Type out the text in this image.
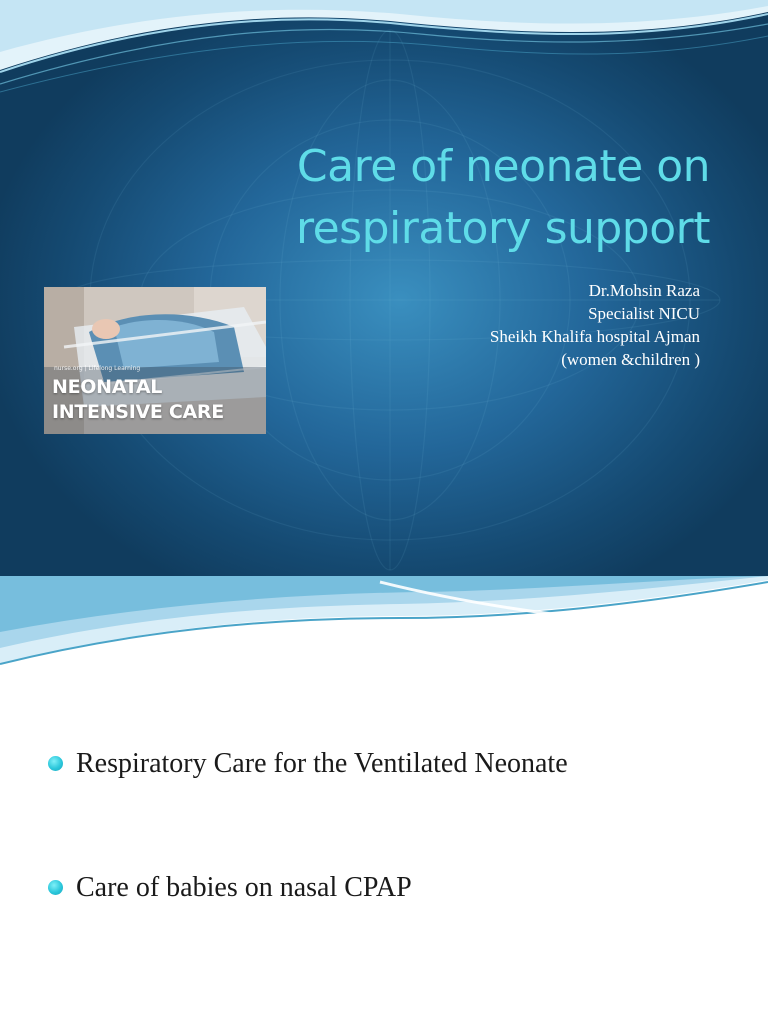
Care of neonate on
respiratory support
nurse.org | Lifelong Learning
NEONATAL
INTENSIVE CARE
Dr.Mohsin Raza
Specialist NICU
Sheikh Khalifa hospital Ajman
(women &children )
Respiratory Care for the Ventilated Neonate
Care of babies on nasal CPAP
